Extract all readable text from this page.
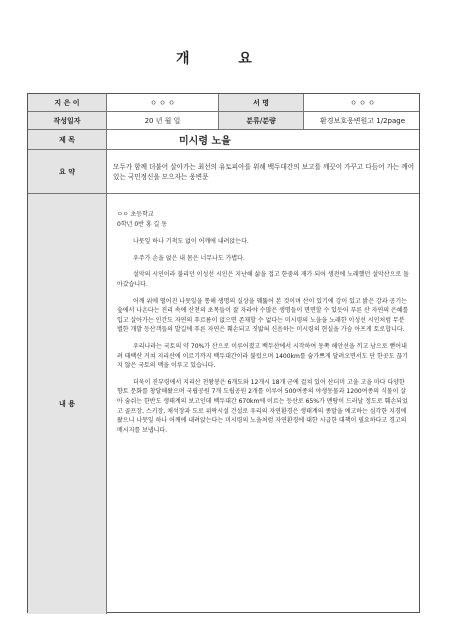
개 요
지 은 이	ㅇ ㅇ ㅇ	서 명	ㅇ ㅇ ㅇ
작성일자	20 년 월 일	분류/분량	환경보호웅변원고 1/2page
제 목	미시령 노을
요 약	모두가 함께 더불어 살아가는 최선의 유토피아를 위해 백두대간의 보고를 깨끗이 가꾸고 다듬어 가는 깨어있는 국민정신을 모으자는 웅변문
내 용

ㅇㅇ 초등학교

0학년 0반 홍 길 동

나뭇잎 하나 기척도 없이 어깨에 내려앉는다.

우주가 손을 얹은 내 몸은 너무나도 가볍다.

설악의 시인이라 불리던 이성선 시인은 지난해 삶을 접고 한줌의 재가 되어 생전에 노래했던 설악산으로 돌아갔습니다.

어깨 위에 떨어진 나뭇잎을 통해 생명의 실상을 꿰뚫어 본 것이며 산이 있기에 강이 있고 밝은 강과 공기는 숲에서 나온다는 진리 속에 산천의 초목들이 잘 자라야 수많은 생명들이 면면할 수 있듯이 푸른 산 자연의 은혜를 입고 살아가는 인간도 자연의 푸르름이 없으면 존재할 수 없다는 미시령의 노을을 노래한 이성선 시인처럼 무분별한 개발 등산객들의 발길에 푸른 자연은 훼손되고 짓밟혀 신음하는 미시령의 현실을 가슴 아프게 토로합니다.

우리나라는 국토의 약 70%가 산으로 이루어졌고 백두산에서 시작하여 동쪽 해안선을 끼고 남으로 뻗어내려 태백산 거쳐 지리산에 이르기까지 백두대간이라 불렀으며 1400km를 숨가쁘게 달려오면서도 단 한곳도 끊기지 않은 국토의 맥을 이루고 있습니다.

더욱이 진부령에서 지리산 천왕봉은 6개도와 12개시 18개 군에 걸쳐 있어 산더미 고을 고을 마다 다양한 향토 문화를 창달해왔으며 국립공원 7개 도립공원 2개를 이루어 500여종의 야생동물과 1200여종의 식물이 살아 숨쉬는 한반도 생태계의 보고인데 백두대간 670km에 이르는 등산로 65%가 맨땅이 드러날 정도로 훼손되었고 골프장, 스키장, 채석장과 도로 위락시설 건설로 우리의 자연환경은 생태계의 종말을 예고하는 심각한 지경에 왔으니 나뭇잎 하나 어깨에 내려앉는다는 미시령의 노을처럼 자연환경에 대한 시급한 대책이 필요하다고 경고의 메시지를 보냅니다.
